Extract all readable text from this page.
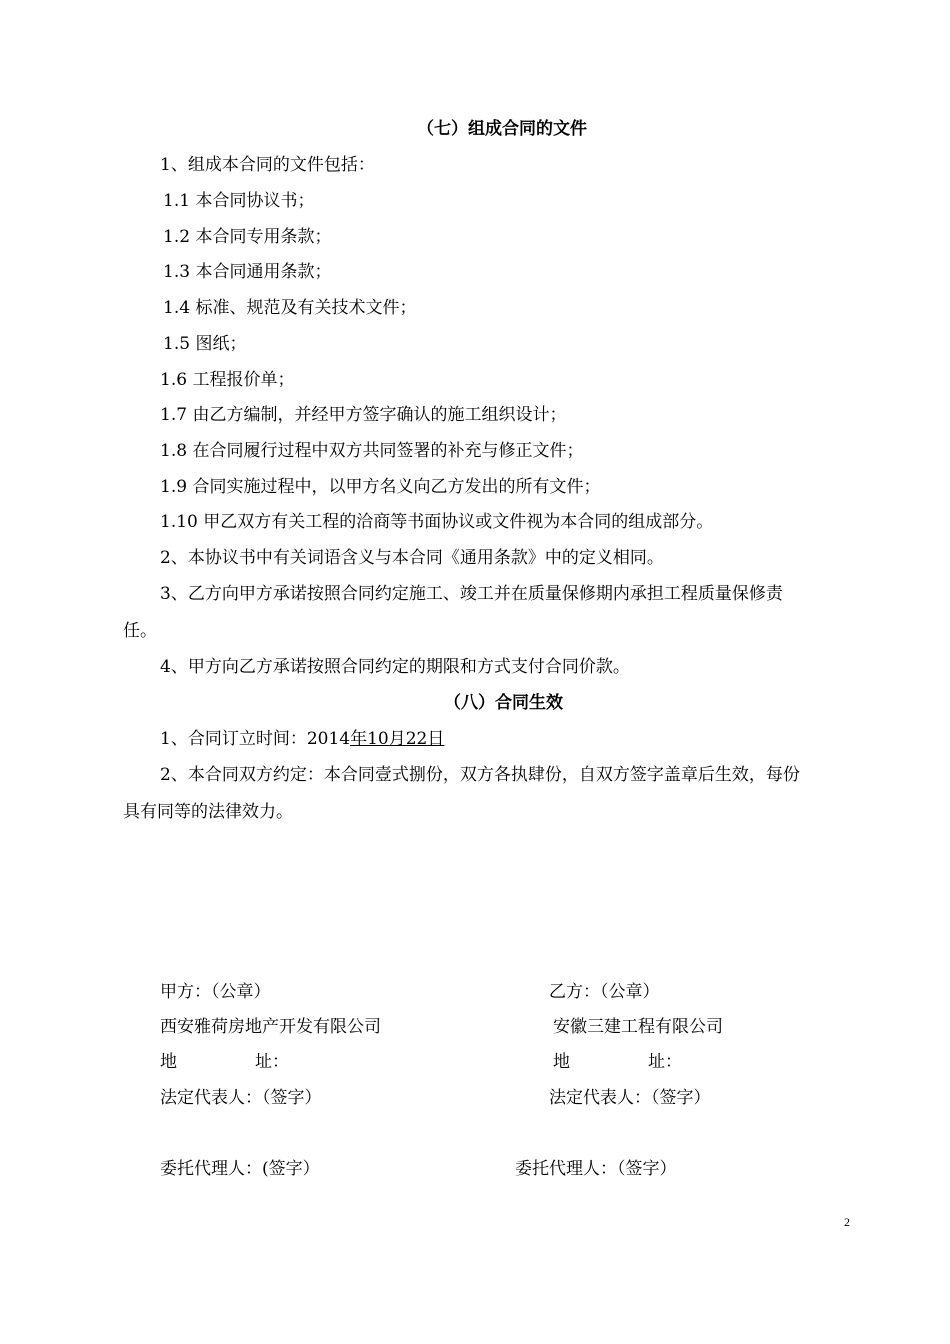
（七）组成合同的文件
1、组成本合同的文件包括：
1.1 本合同协议书；
1.2 本合同专用条款；
1.3 本合同通用条款；
1.4 标准、规范及有关技术文件；
1.5 图纸；
1.6 工程报价单；
1.7 由乙方编制，并经甲方签字确认的施工组织设计；
1.8 在合同履行过程中双方共同签署的补充与修正文件；
1.9 合同实施过程中，以甲方名义向乙方发出的所有文件；
1.10 甲乙双方有关工程的洽商等书面协议或文件视为本合同的组成部分。
2、本协议书中有关词语含义与本合同《通用条款》中的定义相同。
3、乙方向甲方承诺按照合同约定施工、竣工并在质量保修期内承担工程质量保修责
任。
4、甲方向乙方承诺按照合同约定的期限和方式支付合同价款。
（八）合同生效
1、合同订立时间：2014年10月22日
2、本合同双方约定：本合同壹式捌份，双方各执肆份，自双方签字盖章后生效，每份
具有同等的法律效力。
甲方：（公章）
西安雅荷房地产开发有限公司
地	址：
法定代表人：（签字）
委托代理人：(签字）
乙方：（公章）
安徽三建工程有限公司
地	址：
法定代表人：（签字）
委托代理人：（签字）
2
